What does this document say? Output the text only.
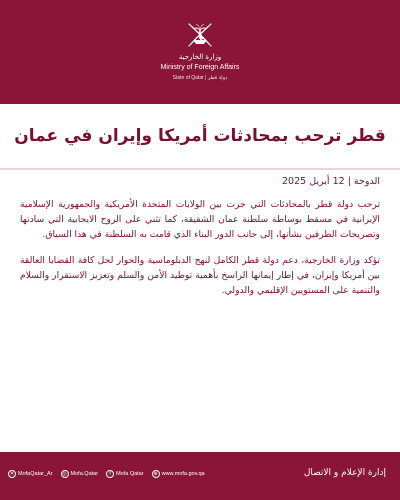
وزارة الخارجية
Ministry of Foreign Affairs
State of Qatar | دولة قطر
قطر ترحب بمحادثات أمريكا وإيران في عمان

الدوحة | 12 أبريل 2025

ترحب دولة قطر بالمحادثات التي جرت بين الولايات المتحدة الأمريكية والجمهورية الإسلامية الإيرانية في مسقط بوساطة سلطنة عمان الشقيقة، كما تثني على الروح الايجابية التي سادتها وتصريحات الطرفين بشأنها، إلى جانب الدور البناء الذي قامت به السلطنة في هذا السياق.

تؤكد وزارة الخارجية، دعم دولة قطر الكامل لنهج الدبلوماسية والحوار لحل كافة القضايا العالقة بين أمريكا وإيران، في إطار إيمانها الراسخ بأهمية توطيد الأمن والسلم وتعزيز الاستقرار والسلام والتنمية على المستويين الإقليمي والدولي.

✕ MofaQatar_Ar	◎ Mofa.Qatar	f Mofa Qatar	⊕ www.mofa.gov.qa	إدارة الإعلام و الاتصال
